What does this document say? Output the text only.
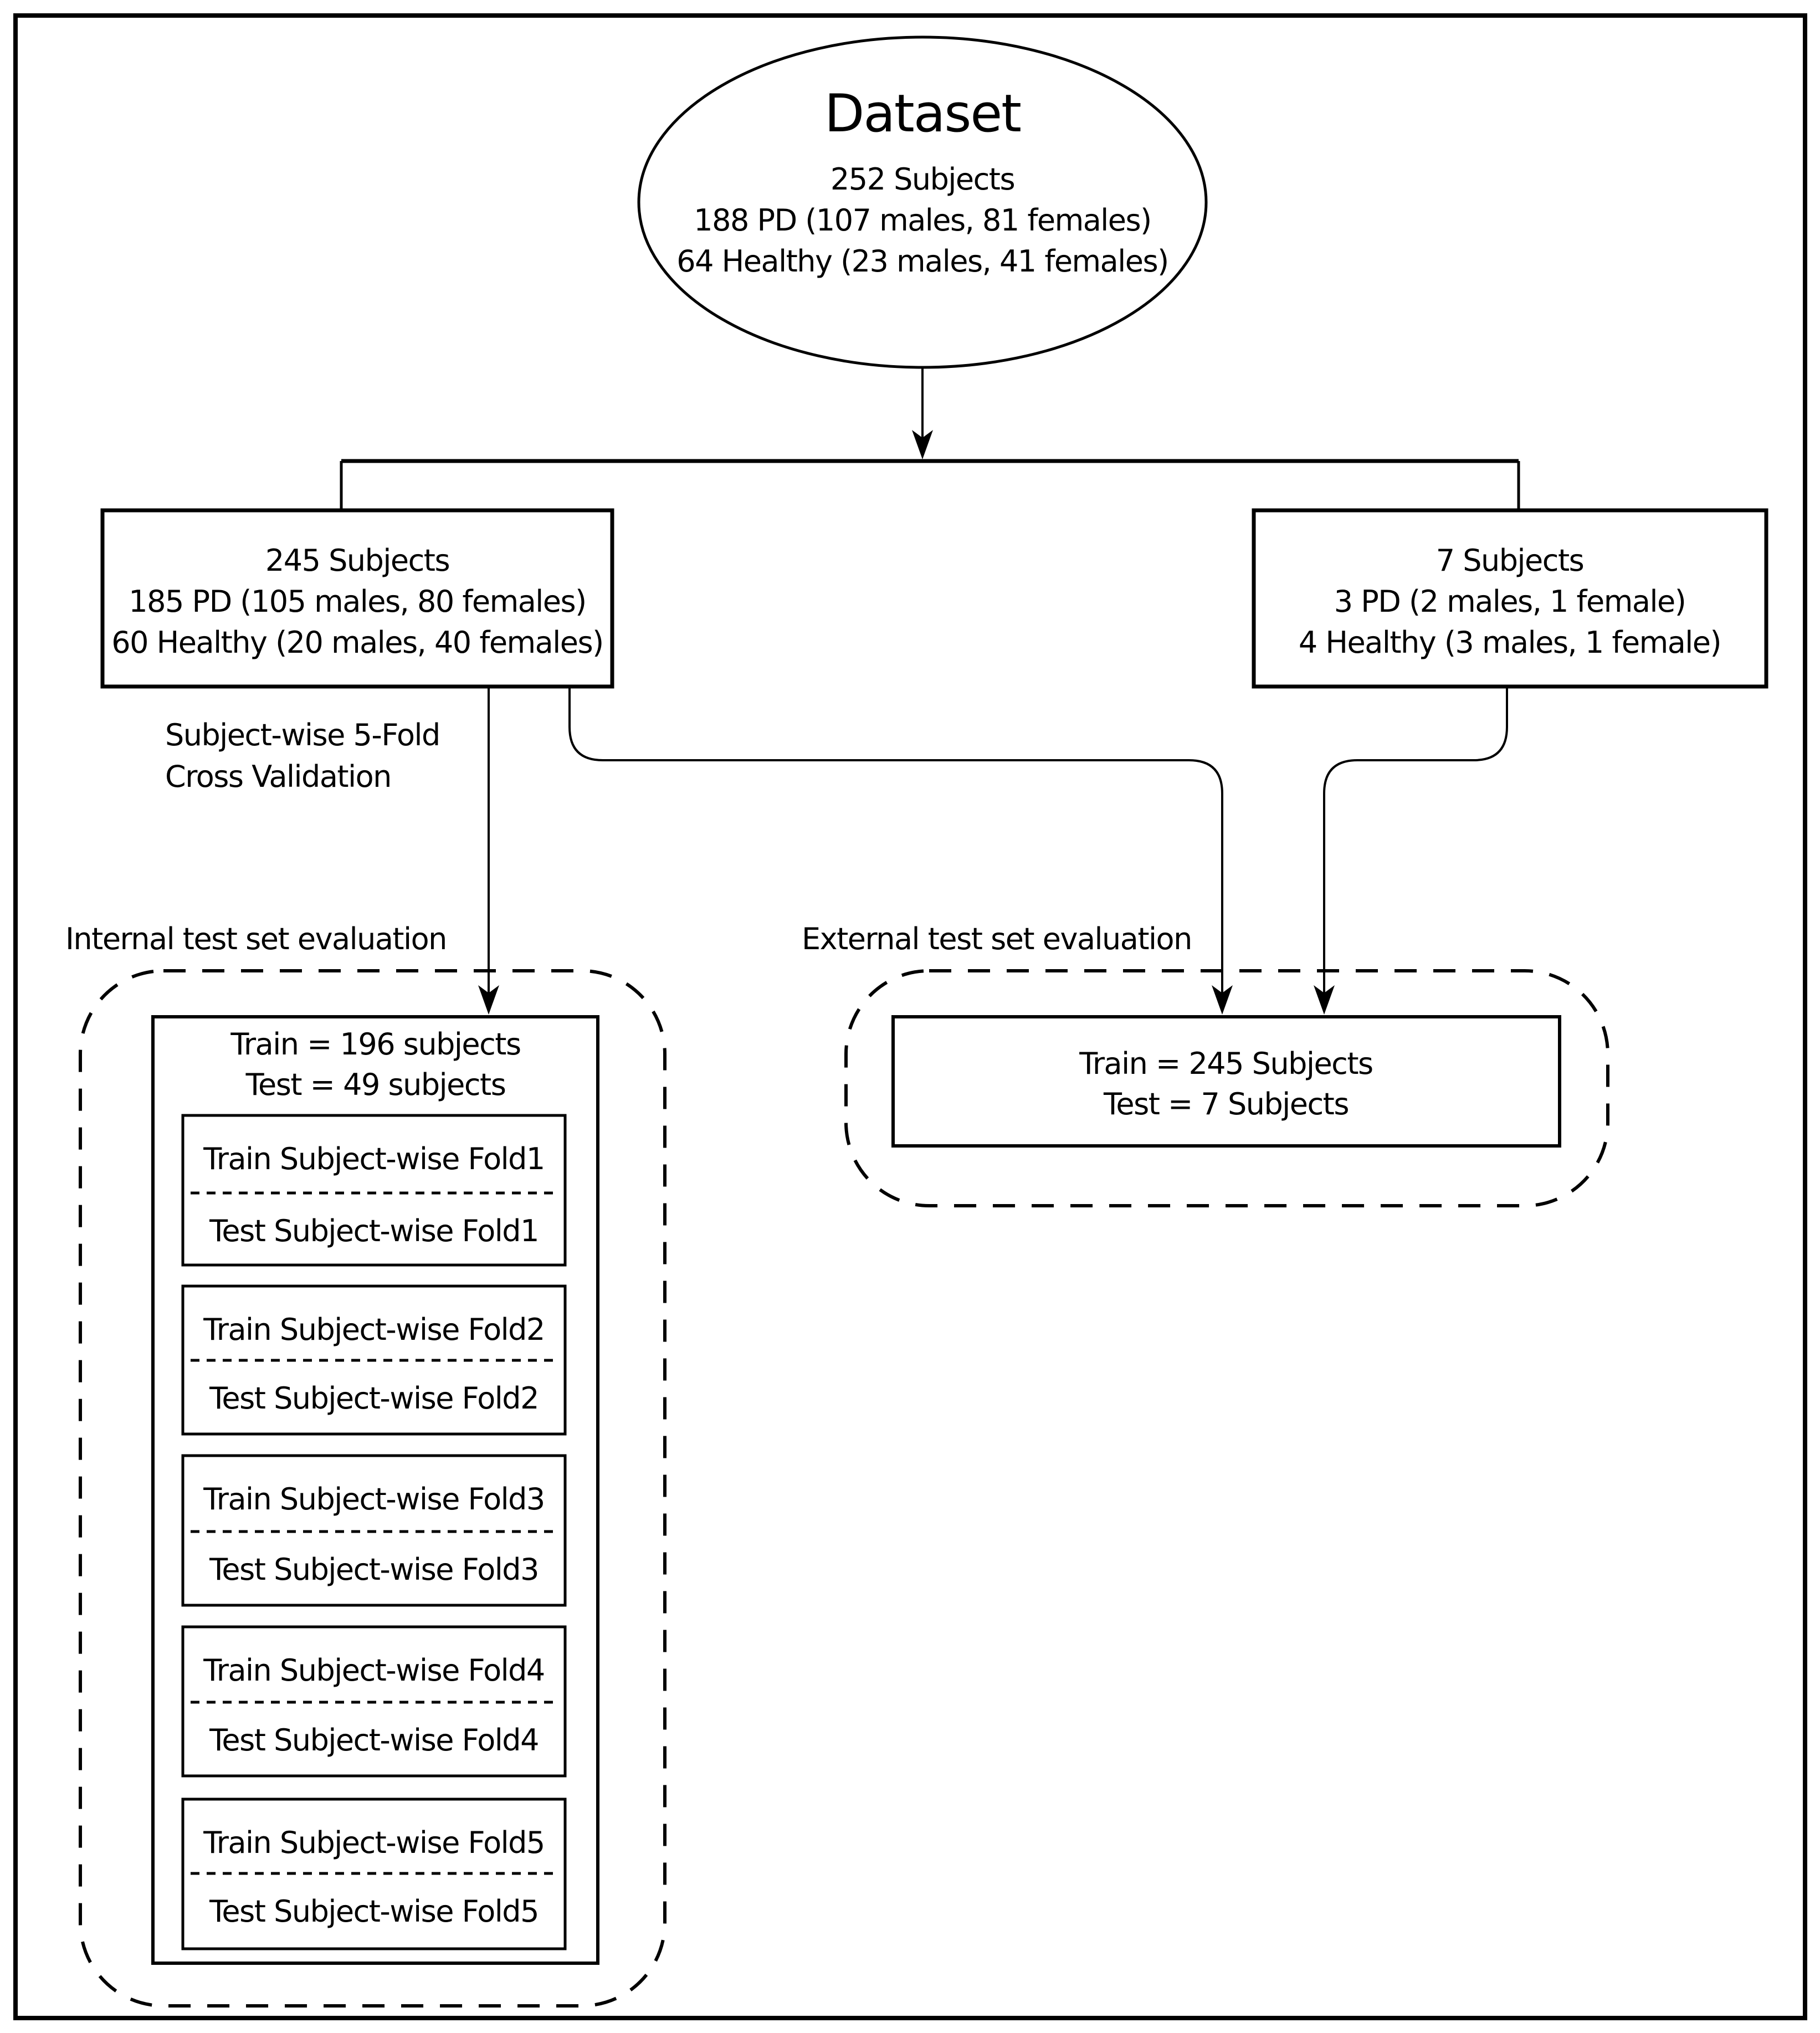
Dataset
252 Subjects
188 PD (107 males, 81 females)
64 Healthy (23 males, 41 females)
245 Subjects
185 PD (105 males, 80 females)
60 Healthy (20 males, 40 females)
7 Subjects
3 PD (2 males, 1 female)
4 Healthy (3 males, 1 female)
Subject-wise 5-Fold
Cross Validation
Internal test set evaluation	External test set evaluation
Train = 196 subjects
Test = 49 subjects
Train = 245 Subjects
Test = 7 Subjects
Train Subject-wise Fold1
Test Subject-wise Fold1
Train Subject-wise Fold2
Test Subject-wise Fold2
Train Subject-wise Fold3
Test Subject-wise Fold3
Train Subject-wise Fold4
Test Subject-wise Fold4
Train Subject-wise Fold5
Test Subject-wise Fold5
